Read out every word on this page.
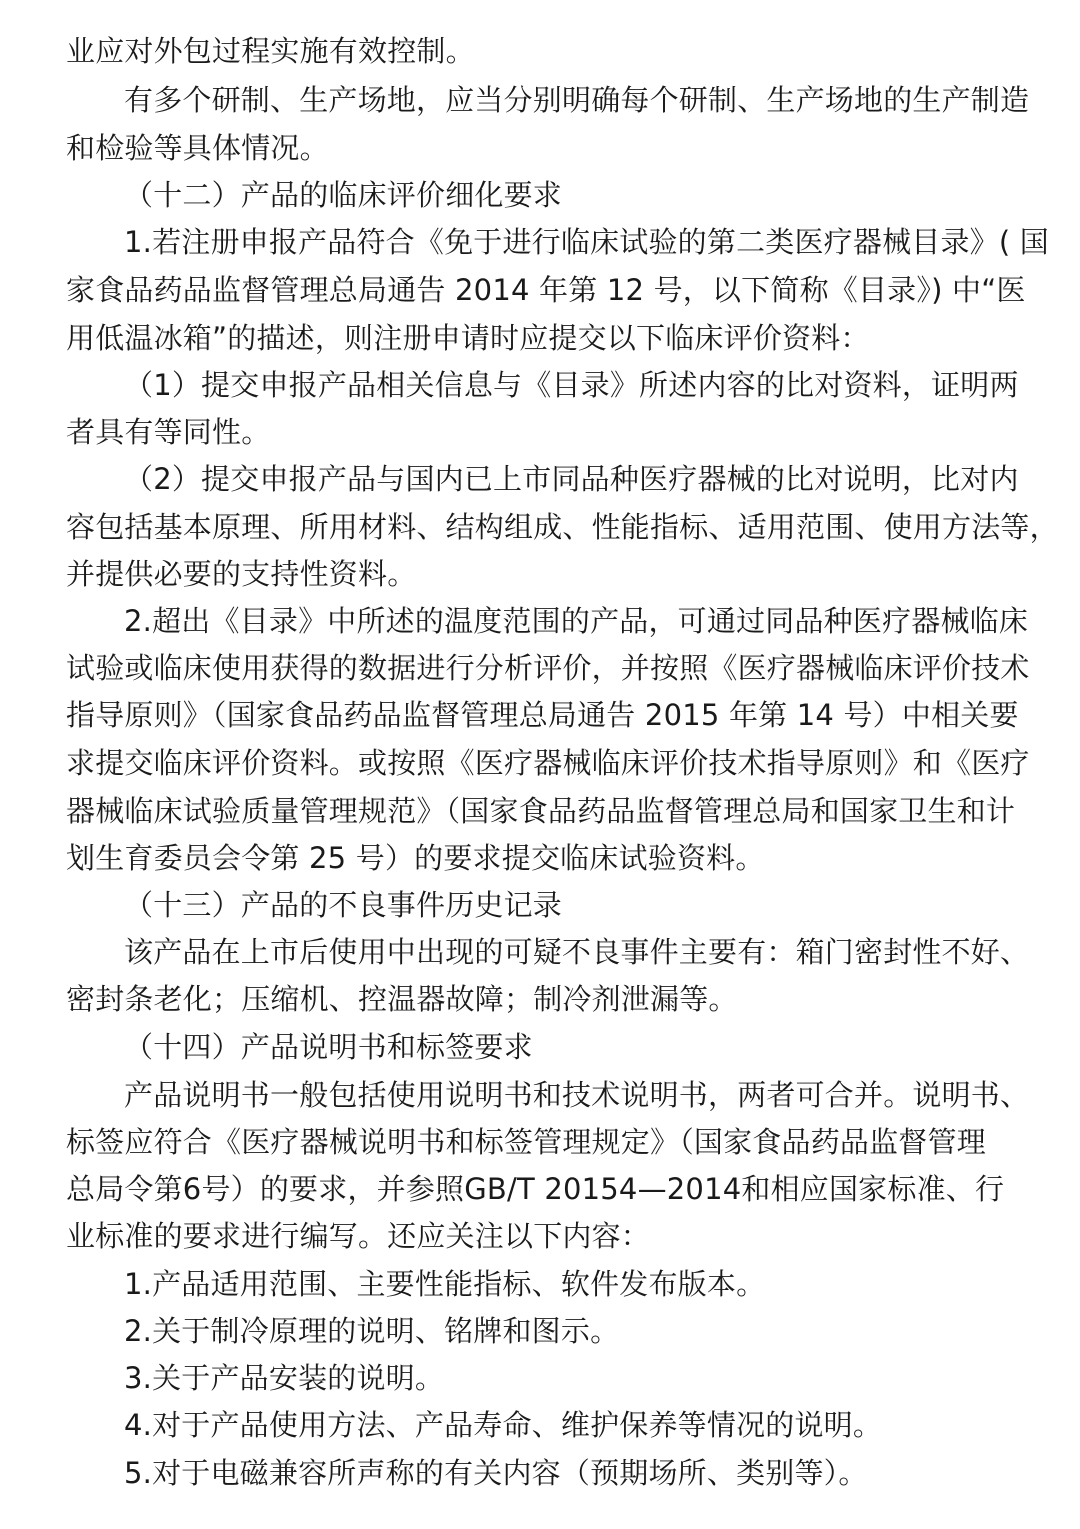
业应对外包过程实施有效控制。
有多个研制、生产场地，应当分别明确每个研制、生产场地的生产制造
和检验等具体情况。
（十二）产品的临床评价细化要求
1.若注册申报产品符合《免于进行临床试验的第二类医疗器械目录》( 国
家食品药品监督管理总局通告 2014 年第 12 号，以下简称《目录》) 中“医
用低温冰箱”的描述，则注册申请时应提交以下临床评价资料：
（1）提交申报产品相关信息与《目录》所述内容的比对资料，证明两
者具有等同性。
（2）提交申报产品与国内已上市同品种医疗器械的比对说明，比对内
容包括基本原理、所用材料、结构组成、性能指标、适用范围、使用方法等，
并提供必要的支持性资料。
2.超出《目录》中所述的温度范围的产品，可通过同品种医疗器械临床
试验或临床使用获得的数据进行分析评价，并按照《医疗器械临床评价技术
指导原则》（国家食品药品监督管理总局通告 2015 年第 14 号）中相关要
求提交临床评价资料。或按照《医疗器械临床评价技术指导原则》和《医疗
器械临床试验质量管理规范》（国家食品药品监督管理总局和国家卫生和计
划生育委员会令第 25 号）的要求提交临床试验资料。
（十三）产品的不良事件历史记录
该产品在上市后使用中出现的可疑不良事件主要有：箱门密封性不好、
密封条老化；压缩机、控温器故障；制冷剂泄漏等。
（十四）产品说明书和标签要求
产品说明书一般包括使用说明书和技术说明书，两者可合并。说明书、
标签应符合《医疗器械说明书和标签管理规定》（国家食品药品监督管理
总局令第6号）的要求，并参照GB/T 20154—2014和相应国家标准、行
业标准的要求进行编写。还应关注以下内容：
1.产品适用范围、主要性能指标、软件发布版本。
2.关于制冷原理的说明、铭牌和图示。
3.关于产品安装的说明。
4.对于产品使用方法、产品寿命、维护保养等情况的说明。
5.对于电磁兼容所声称的有关内容（预期场所、类别等）。
